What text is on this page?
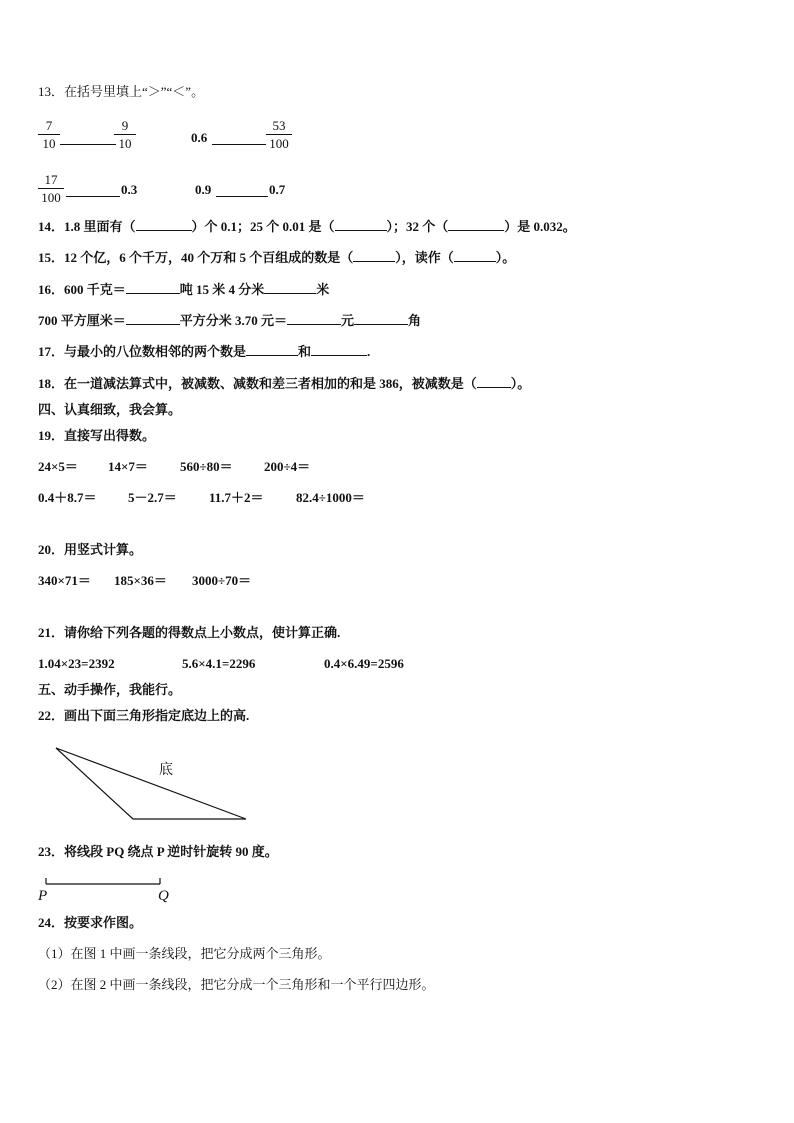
13．在括号里填上“＞”“＜”。
7
10
9
10	0.6
53
100
17
100
0.3	0.9	0.7
14．1.8 里面有（	）个 0.1；25 个 0.01 是（	）；32 个（	）是 0.032。
15．12 个亿，6 个千万，40 个万和 5 个百组成的数是（	），读作（	）。
16．600 千克＝	吨 15 米 4 分米	米
700 平方厘米＝	平方分米 3.70 元＝	元	角
17．与最小的八位数相邻的两个数是	和	.
18．在一道减法算式中，被减数、减数和差三者相加的和是 386，被减数是（	）。
四、认真细致，我会算。
19．直接写出得数。
24×5＝ 14×7＝ 560÷80＝ 200÷4＝
0.4＋8.7＝ 5－2.7＝ 11.7＋2＝ 82.4÷1000＝
20．用竖式计算。
340×71＝ 185×36＝ 3000÷70＝
21．请你给下列各题的得数点上小数点，使计算正确.
1.04×23=2392	5.6×4.1=2296	0.4×6.49=2596
五、动手操作，我能行。
22．画出下面三角形指定底边上的高.
底
23．将线段 PQ 绕点 P 逆时针旋转 90 度。
P	Q
24．按要求作图。
（1）在图 1 中画一条线段，把它分成两个三角形。
（2）在图 2 中画一条线段，把它分成一个三角形和一个平行四边形。
